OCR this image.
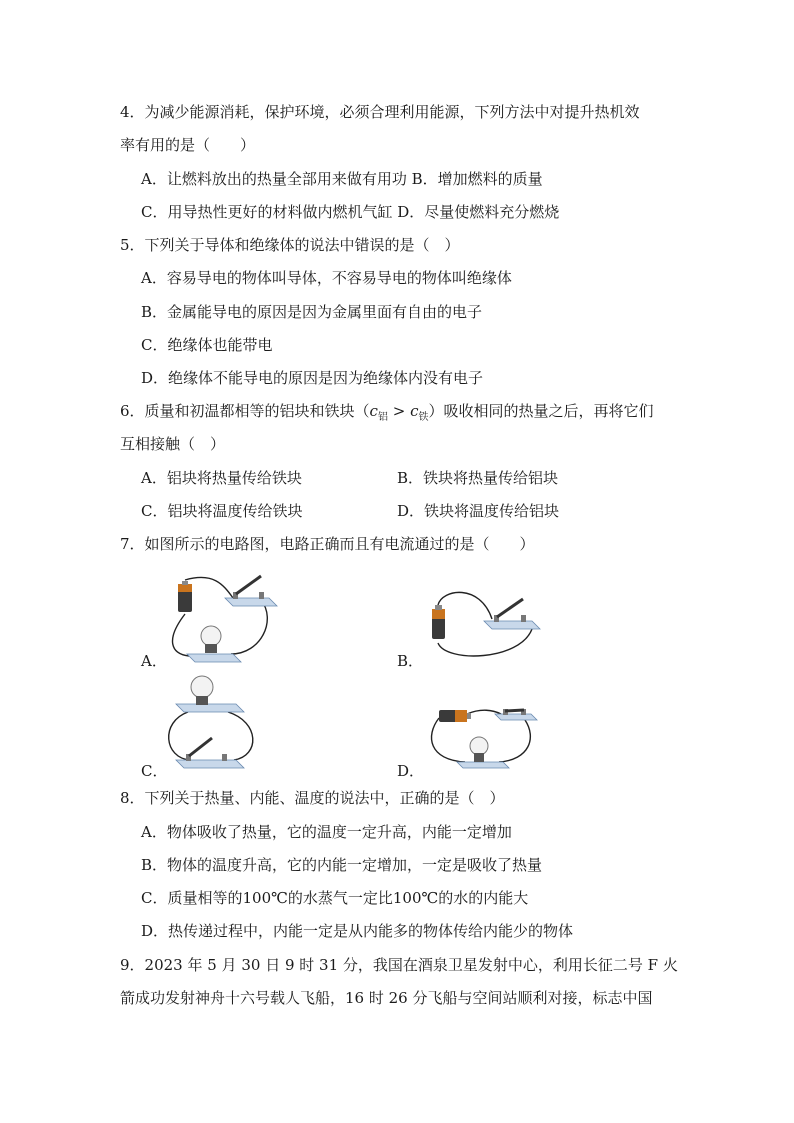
4．为减少能源消耗，保护环境，必须合理利用能源，下列方法中对提升热机效
率有用的是（　　）
A．让燃料放出的热量全部用来做有用功 B．增加燃料的质量
C．用导热性更好的材料做内燃机气缸 D．尽量使燃料充分燃烧
5．下列关于导体和绝缘体的说法中错误的是（　）
A．容易导电的物体叫导体，不容易导电的物体叫绝缘体
B．金属能导电的原因是因为金属里面有自由的电子
C．绝缘体也能带电
D．绝缘体不能导电的原因是因为绝缘体内没有电子
6．质量和初温都相等的铝块和铁块$(c_铝 > c_铁)$吸收相同的热量之后，再将它们
互相接触（　）
A．铝块将热量传给铁块	B．铁块将热量传给铝块
C．铝块将温度传给铁块	D．铁块将温度传给铝块
7．如图所示的电路图，电路正确而且有电流通过的是（　　）
A．	B．
C．	D．
8．下列关于热量、内能、温度的说法中，正确的是（　）
A．物体吸收了热量，它的温度一定升高，内能一定增加
B．物体的温度升高，它的内能一定增加，一定是吸收了热量
C．质量相等的100℃的水蒸气一定比100℃的水的内能大
D．热传递过程中，内能一定是从内能多的物体传给内能少的物体
9．2023 年 5 月 30 日 9 时 31 分，我国在酒泉卫星发射中心，利用长征二号 F 火
箭成功发射神舟十六号载人飞船，16 时 26 分飞船与空间站顺利对接，标志中国
